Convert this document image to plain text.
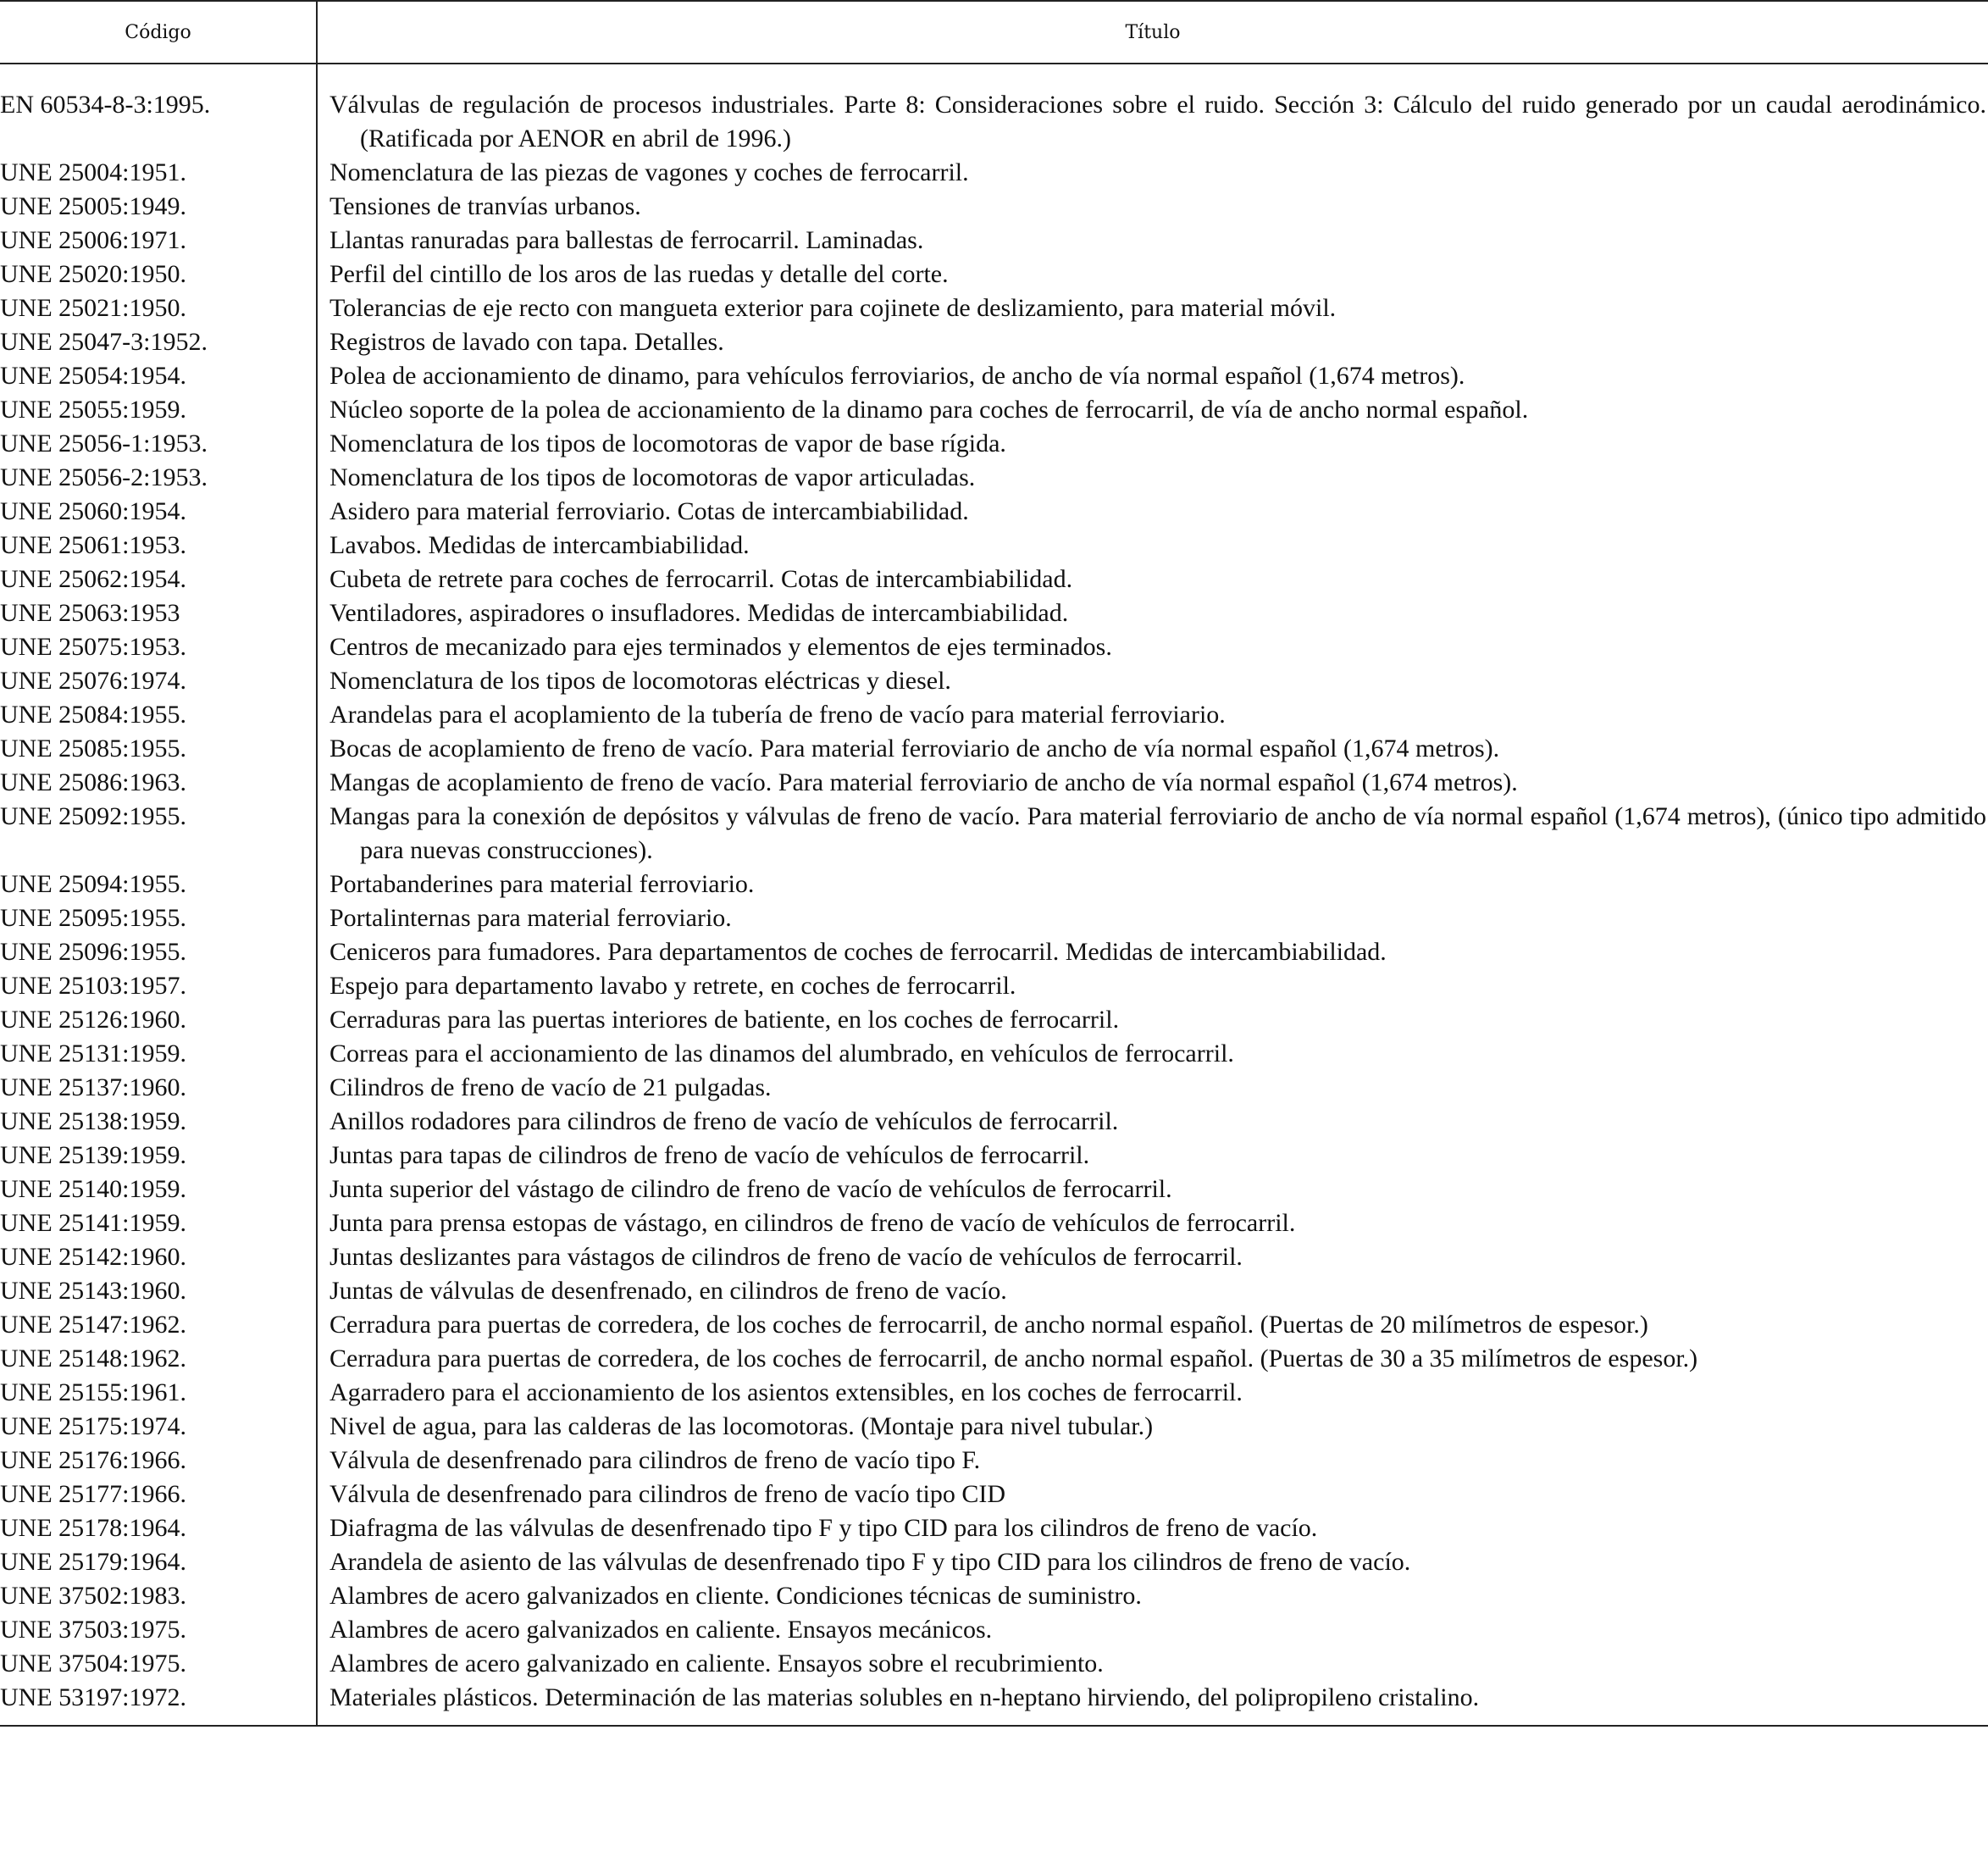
Código	Título
EN 60534-8-3:1995.	Válvulas de regulación de procesos industriales. Parte 8: Consideraciones sobre el ruido. Sección 3: Cálculo del ruido generado por un caudal aerodinámico. (Ratificada por AENOR en abril de 1996.)

UNE 25004:1951.	Nomenclatura de las piezas de vagones y coches de ferrocarril.

UNE 25005:1949.	Tensiones de tranvías urbanos.

UNE 25006:1971.	Llantas ranuradas para ballestas de ferrocarril. Laminadas.

UNE 25020:1950.	Perfil del cintillo de los aros de las ruedas y detalle del corte.

UNE 25021:1950.	Tolerancias de eje recto con mangueta exterior para cojinete de deslizamiento, para material móvil.

UNE 25047-3:1952.	Registros de lavado con tapa. Detalles.

UNE 25054:1954.	Polea de accionamiento de dinamo, para vehículos ferroviarios, de ancho de vía normal español (1,674 metros).

UNE 25055:1959.	Núcleo soporte de la polea de accionamiento de la dinamo para coches de ferrocarril, de vía de ancho normal español.

UNE 25056-1:1953.	Nomenclatura de los tipos de locomotoras de vapor de base rígida.

UNE 25056-2:1953.	Nomenclatura de los tipos de locomotoras de vapor articuladas.

UNE 25060:1954.	Asidero para material ferroviario. Cotas de intercambiabilidad.

UNE 25061:1953.	Lavabos. Medidas de intercambiabilidad.

UNE 25062:1954.	Cubeta de retrete para coches de ferrocarril. Cotas de intercambiabilidad.

UNE 25063:1953	Ventiladores, aspiradores o insufladores. Medidas de intercambiabilidad.

UNE 25075:1953.	Centros de mecanizado para ejes terminados y elementos de ejes terminados.

UNE 25076:1974.	Nomenclatura de los tipos de locomotoras eléctricas y diesel.

UNE 25084:1955.	Arandelas para el acoplamiento de la tubería de freno de vacío para material ferroviario.

UNE 25085:1955.	Bocas de acoplamiento de freno de vacío. Para material ferroviario de ancho de vía normal español (1,674 metros).

UNE 25086:1963.	Mangas de acoplamiento de freno de vacío. Para material ferroviario de ancho de vía normal español (1,674 metros).

UNE 25092:1955.	Mangas para la conexión de depósitos y válvulas de freno de vacío. Para material ferroviario de ancho de vía normal español (1,674 metros), (único tipo admitido para nuevas construcciones).

UNE 25094:1955.	Portabanderines para material ferroviario.

UNE 25095:1955.	Portalinternas para material ferroviario.

UNE 25096:1955.	Ceniceros para fumadores. Para departamentos de coches de ferrocarril. Medidas de intercambiabilidad.

UNE 25103:1957.	Espejo para departamento lavabo y retrete, en coches de ferrocarril.

UNE 25126:1960.	Cerraduras para las puertas interiores de batiente, en los coches de ferrocarril.

UNE 25131:1959.	Correas para el accionamiento de las dinamos del alumbrado, en vehículos de ferrocarril.

UNE 25137:1960.	Cilindros de freno de vacío de 21 pulgadas.

UNE 25138:1959.	Anillos rodadores para cilindros de freno de vacío de vehículos de ferrocarril.

UNE 25139:1959.	Juntas para tapas de cilindros de freno de vacío de vehículos de ferrocarril.

UNE 25140:1959.	Junta superior del vástago de cilindro de freno de vacío de vehículos de ferrocarril.

UNE 25141:1959.	Junta para prensa estopas de vástago, en cilindros de freno de vacío de vehículos de ferrocarril.

UNE 25142:1960.	Juntas deslizantes para vástagos de cilindros de freno de vacío de vehículos de ferrocarril.

UNE 25143:1960.	Juntas de válvulas de desenfrenado, en cilindros de freno de vacío.

UNE 25147:1962.	Cerradura para puertas de corredera, de los coches de ferrocarril, de ancho normal español. (Puertas de 20 milímetros de espesor.)

UNE 25148:1962.	Cerradura para puertas de corredera, de los coches de ferrocarril, de ancho normal español. (Puertas de 30 a 35 milímetros de espesor.)

UNE 25155:1961.	Agarradero para el accionamiento de los asientos extensibles, en los coches de ferrocarril.

UNE 25175:1974.	Nivel de agua, para las calderas de las locomotoras. (Montaje para nivel tubular.)

UNE 25176:1966.	Válvula de desenfrenado para cilindros de freno de vacío tipo F.

UNE 25177:1966.	Válvula de desenfrenado para cilindros de freno de vacío tipo CID

UNE 25178:1964.	Diafragma de las válvulas de desenfrenado tipo F y tipo CID para los cilindros de freno de vacío.

UNE 25179:1964.	Arandela de asiento de las válvulas de desenfrenado tipo F y tipo CID para los cilindros de freno de vacío.

UNE 37502:1983.	Alambres de acero galvanizados en cliente. Condiciones técnicas de suministro.

UNE 37503:1975.	Alambres de acero galvanizados en caliente. Ensayos mecánicos.

UNE 37504:1975.	Alambres de acero galvanizado en caliente. Ensayos sobre el recubrimiento.

UNE 53197:1972.	Materiales plásticos. Determinación de las materias solubles en n-heptano hirviendo, del polipropileno cristalino.
